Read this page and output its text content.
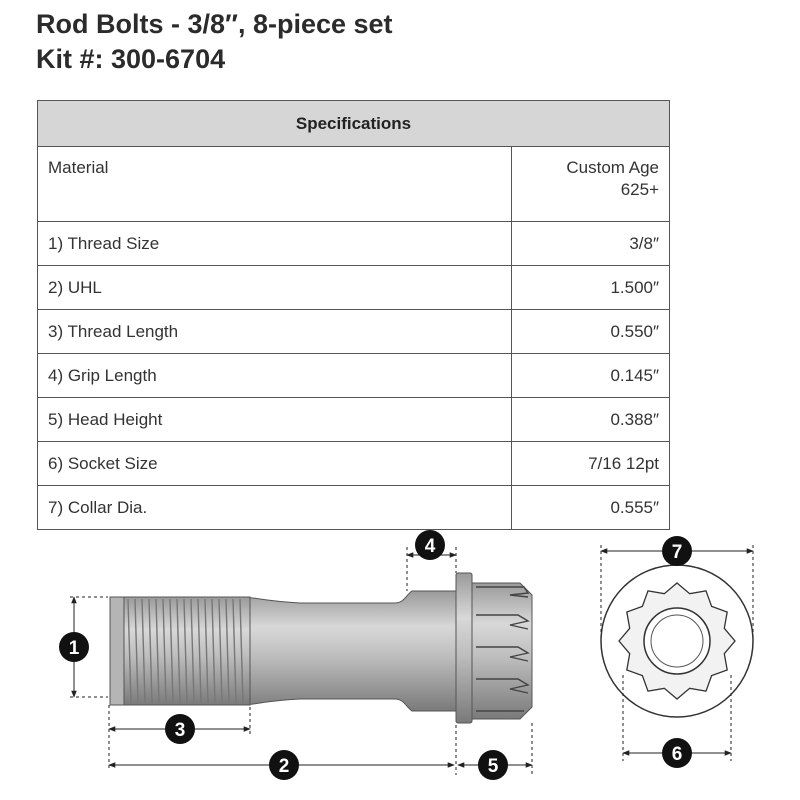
Rod Bolts - 3/8″, 8-piece set
Kit #: 300-6704
Specifications	
Material	Custom Age
625+

1) Thread Size	3/8″
2) UHL	1.500″
3) Thread Length	0.550″
4) Grip Length	0.145″
5) Head Height	0.388″
6) Socket Size	7/16 12pt
7) Collar Dia.	0.555″
1
3
2	5
4	7
6
